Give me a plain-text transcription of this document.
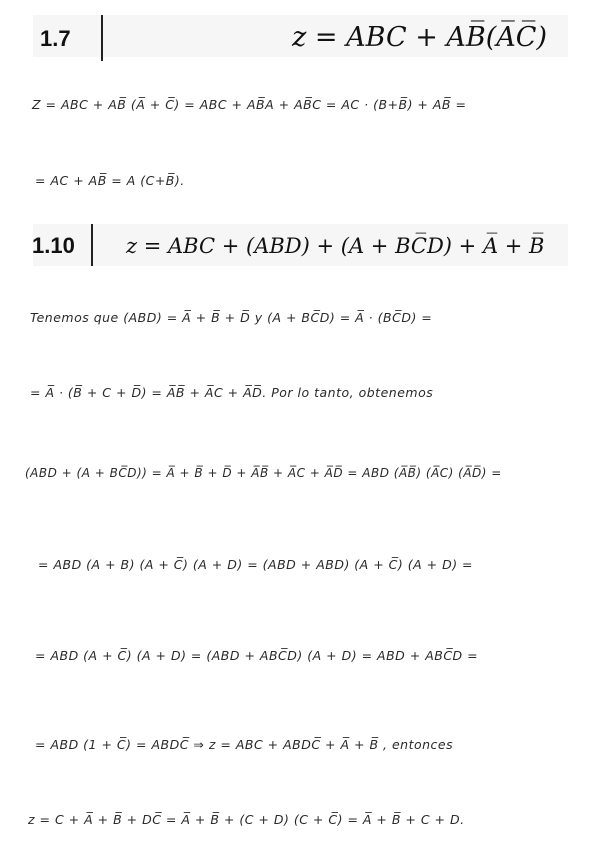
1.7	z = ABC + AB̅(A̅C̅)
Z = ABC + AB̅ (A̅ + C̅) = ABC + AB̅A + AB̅C = AC · (B+B̅) + AB̅ =
= AC + AB̅ = A (C+B̅).
1.10 z = ABC + (ABD) + (A + BC̅D) + A̅ + B̅
Tenemos que (ABD) = A̅ + B̅ + D̅ y (A + BC̅D) = A̅ · (BC̅D) =
= A̅ · (B̅ + C + D̅) = A̅B̅ + A̅C + A̅D̅. Por lo tanto, obtenemos
(ABD + (A + BC̅D)) = A̅ + B̅ + D̅ + A̅B̅ + A̅C + A̅D̅ = ABD (A̅B̅) (A̅C) (A̅D̅) =
= ABD (A + B) (A + C̅) (A + D) = (ABD + ABD) (A + C̅) (A + D) =
= ABD (A + C̅) (A + D) = (ABD + ABC̅D) (A + D) = ABD + ABC̅D =
= ABD (1 + C̅) = ABDC̅ ⇒ z = ABC + ABDC̅ + A̅ + B̅ , entonces
z = C + A̅ + B̅ + DC̅ = A̅ + B̅ + (C + D) (C + C̅) = A̅ + B̅ + C + D.
